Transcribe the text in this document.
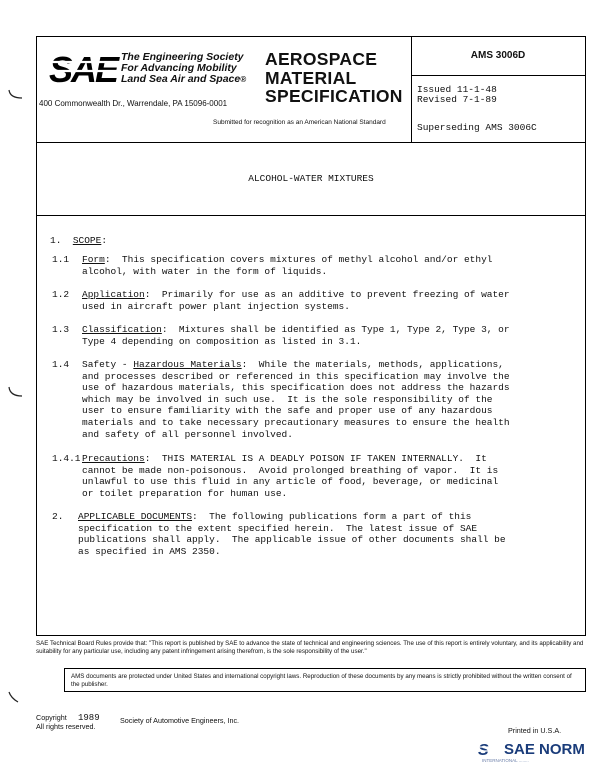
SAE The Engineering Society
For Advancing Mobility
Land Sea Air and Space®
400 Commonwealth Dr., Warrendale, PA 15096-0001
AEROSPACE
MATERIAL
SPECIFICATION
Submitted for recognition as an American National Standard
AMS 3006D
Issued 11-1-48
Revised 7-1-89
Superseding AMS 3006C
ALCOHOL-WATER MIXTURES
1. SCOPE:
1.1 Form:  This specification covers mixtures of methyl alcohol and/or ethyl
alcohol, with water in the form of liquids.
1.2 Application:  Primarily for use as an additive to prevent freezing of water
used in aircraft power plant injection systems.
1.3 Classification:  Mixtures shall be identified as Type 1, Type 2, Type 3, or
Type 4 depending on composition as listed in 3.1.
1.4 Safety - Hazardous Materials:  While the materials, methods, applications,
and processes described or referenced in this specification may involve the
use of hazardous materials, this specification does not address the hazards
which may be involved in such use.  It is the sole responsibility of the
user to ensure familiarity with the safe and proper use of any hazardous
materials and to take necessary precautionary measures to ensure the health
and safety of all personnel involved.
1.4.1 Precautions:  THIS MATERIAL IS A DEADLY POISON IF TAKEN INTERNALLY.  It
cannot be made non-poisonous.  Avoid prolonged breathing of vapor.  It is
unlawful to use this fluid in any article of food, beverage, or medicinal
or toilet preparation for human use.
2. APPLICABLE DOCUMENTS:  The following publications form a part of this
specification to the extent specified herein.  The latest issue of SAE
publications shall apply.  The applicable issue of other documents shall be
as specified in AMS 2350.
SAE Technical Board Rules provide that: "This report is published by SAE to advance the state of technical and engineering sciences. The use of this report is entirely voluntary, and its applicability and suitability for any particular use, including any patent infringement arising therefrom, is the sole responsibility of the user."
AMS documents are protected under United States and international copyright laws. Reproduction of these documents by any means is strictly prohibited without the written consent of the publisher.
Copyright
All rights reserved.
1989	Society of Automotive Engineers, Inc.
Printed in U.S.A.
S SAE NORM
INTERNATIONAL ........
